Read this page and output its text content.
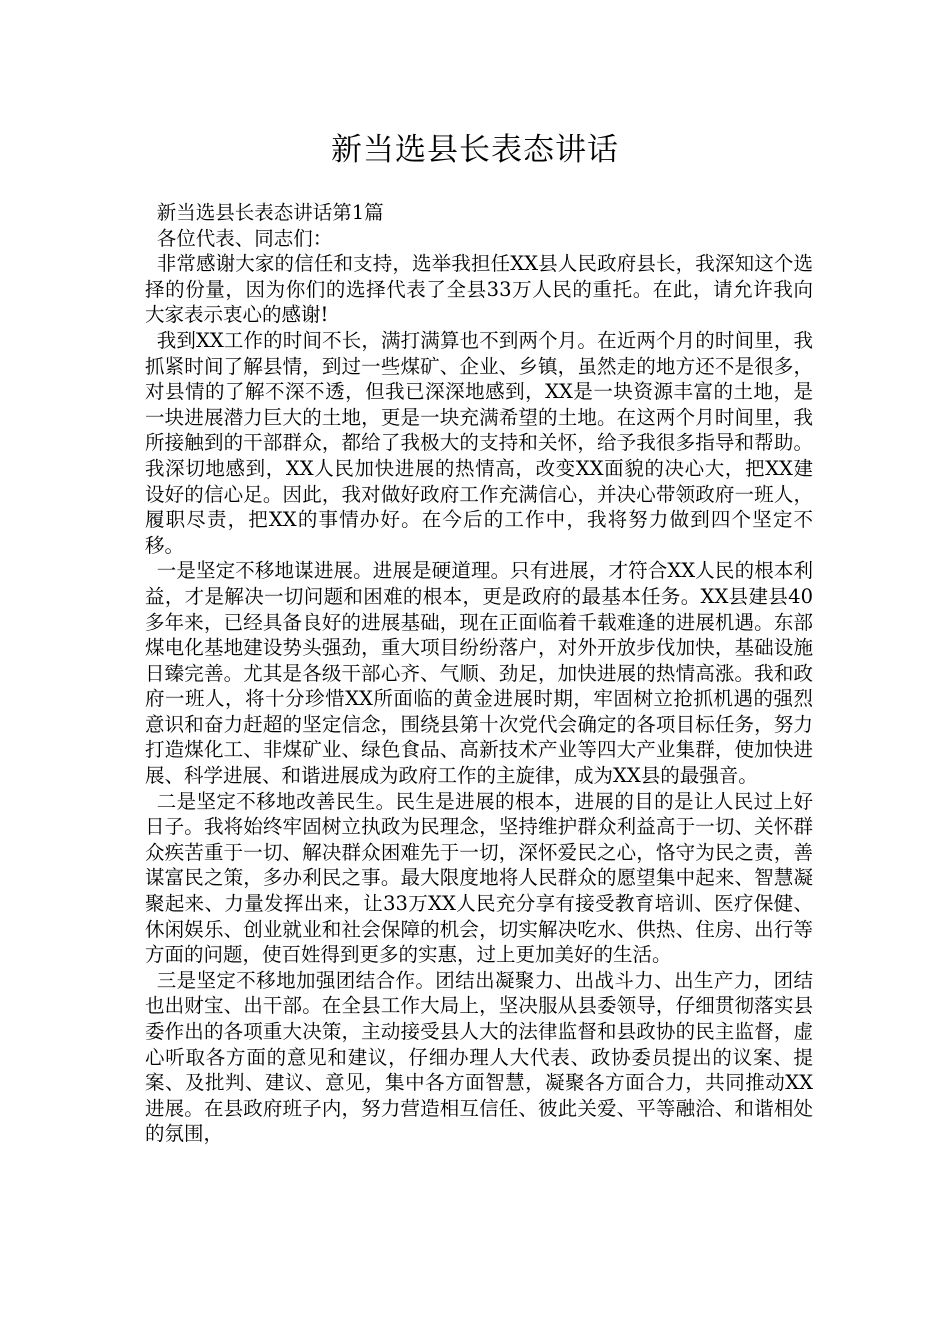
新当选县长表态讲话

新当选县长表态讲话第1篇

各位代表、同志们：

非常感谢大家的信任和支持，选举我担任XX县人民政府县长，我深知这个选择的份量，因为你们的选择代表了全县33万人民的重托。在此，请允许我向大家表示衷心的感谢!

我到XX工作的时间不长，满打满算也不到两个月。在近两个月的时间里，我抓紧时间了解县情，到过一些煤矿、企业、乡镇，虽然走的地方还不是很多，对县情的了解不深不透，但我已深深地感到，XX是一块资源丰富的土地，是一块进展潜力巨大的土地，更是一块充满希望的土地。在这两个月时间里，我所接触到的干部群众，都给了我极大的支持和关怀，给予我很多指导和帮助。我深切地感到，XX人民加快进展的热情高，改变XX面貌的决心大，把XX建设好的信心足。因此，我对做好政府工作充满信心，并决心带领政府一班人，履职尽责，把XX的事情办好。在今后的工作中，我将努力做到四个坚定不移。

一是坚定不移地谋进展。进展是硬道理。只有进展，才符合XX人民的根本利益，才是解决一切问题和困难的根本，更是政府的最基本任务。XX县建县40多年来，已经具备良好的进展基础，现在正面临着千载难逢的进展机遇。东部煤电化基地建设势头强劲，重大项目纷纷落户，对外开放步伐加快，基础设施日臻完善。尤其是各级干部心齐、气顺、劲足，加快进展的热情高涨。我和政府一班人，将十分珍惜XX所面临的黄金进展时期，牢固树立抢抓机遇的强烈意识和奋力赶超的坚定信念，围绕县第十次党代会确定的各项目标任务，努力打造煤化工、非煤矿业、绿色食品、高新技术产业等四大产业集群，使加快进展、科学进展、和谐进展成为政府工作的主旋律，成为XX县的最强音。

二是坚定不移地改善民生。民生是进展的根本，进展的目的是让人民过上好日子。我将始终牢固树立执政为民理念，坚持维护群众利益高于一切、关怀群众疾苦重于一切、解决群众困难先于一切，深怀爱民之心，恪守为民之责，善谋富民之策，多办利民之事。最大限度地将人民群众的愿望集中起来、智慧凝聚起来、力量发挥出来，让33万XX人民充分享有接受教育培训、医疗保健、休闲娱乐、创业就业和社会保障的机会，切实解决吃水、供热、住房、出行等方面的问题，使百姓得到更多的实惠，过上更加美好的生活。

三是坚定不移地加强团结合作。团结出凝聚力、出战斗力、出生产力，团结也出财宝、出干部。在全县工作大局上，坚决服从县委领导，仔细贯彻落实县委作出的各项重大决策，主动接受县人大的法律监督和县政协的民主监督，虚心听取各方面的意见和建议，仔细办理人大代表、政协委员提出的议案、提案、及批判、建议、意见，集中各方面智慧，凝聚各方面合力，共同推动XX进展。在县政府班子内，努力营造相互信任、彼此关爱、平等融洽、和谐相处的氛围，
